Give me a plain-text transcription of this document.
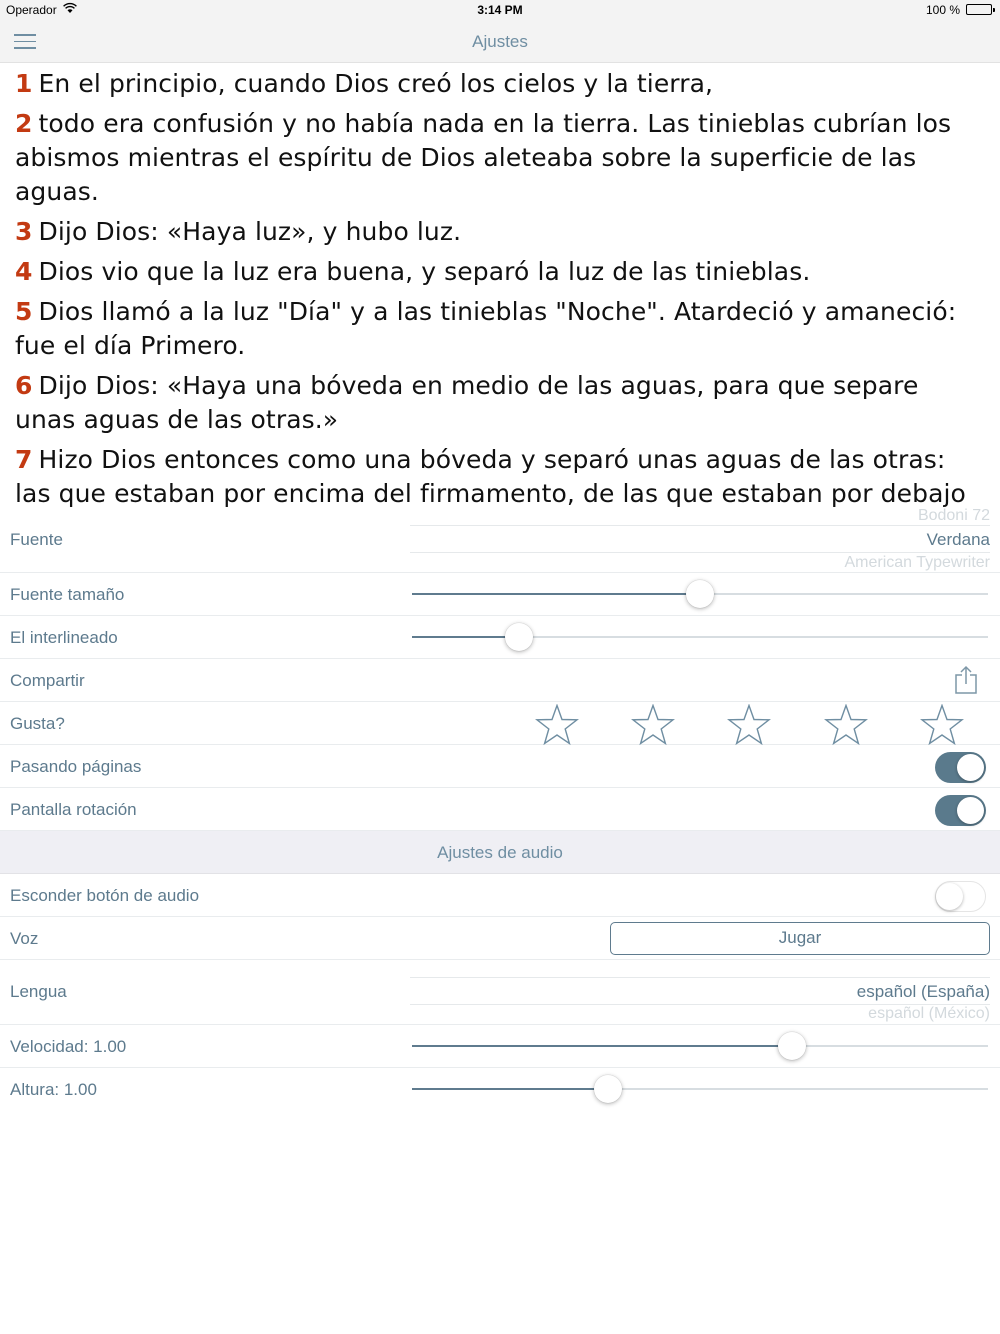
Operador	3:14 PM	100 %
Ajustes

1 En el principio, cuando Dios creó los cielos y la tierra,

2 todo era confusión y no había nada en la tierra. Las tinieblas cubrían los abismos mientras el espíritu de Dios aleteaba sobre la superficie de las aguas.

3 Dijo Dios: «Haya luz», y hubo luz.

4 Dios vio que la luz era buena, y separó la luz de las tinieblas.

5 Dios llamó a la luz "Día" y a las tinieblas "Noche". Atardeció y amaneció: fue el día Primero.

6 Dijo Dios: «Haya una bóveda en medio de las aguas, para que separe unas aguas de las otras.»

7 Hizo Dios entonces como una bóveda y separó unas aguas de las otras: las que estaban por encima del firmamento, de las que estaban por debajo

Fuente
Bodoni 72
Verdana
American Typewriter
Fuente tamaño
El interlineado
Compartir
Gusta?
Pasando páginas
Pantalla rotación
Ajustes de audio
Esconder botón de audio
Voz	Jugar
Lengua	español (España)
español (México)
Velocidad: 1.00
Altura: 1.00
